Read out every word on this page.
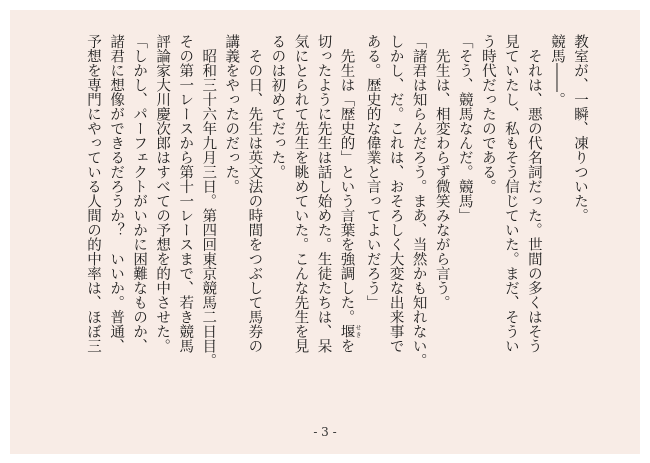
教室が、一瞬、凍りついた。
競馬――。
　それは、悪の代名詞だった。世間の多くはそう
見ていたし、私もそう信じていた。まだ、そうい
う時代だったのである。
「そう、競馬なんだ。競馬」
　先生は、相変わらず微笑みながら言う。
「諸君は知らんだろう。まあ、当然かも知れない。
しかし、だ。これは、おそろしく大変な出来事で
ある。歴史的な偉業と言ってよいだろう」
　先生は「歴史的」という言葉を強調した。堰 せきを
切ったように先生は話し始めた。生徒たちは、呆
気にとられて先生を眺めていた。こんな先生を見
るのは初めてだった。
　その日、先生は英文法の時間をつぶして馬券の
講義をやったのだった。
　昭和三十六年九月三日。第四回東京競馬二日目。
その第一レースから第十一レースまで、若き競馬
評論家大川慶次郎はすべての予想を的中させた。
「しかし、パーフェクトがいかに困難なものか、
諸君に想像ができるだろうか？　いいか。普通、
予想を専門にやっている人間の的中率は、ほぼ三
- 3 -
